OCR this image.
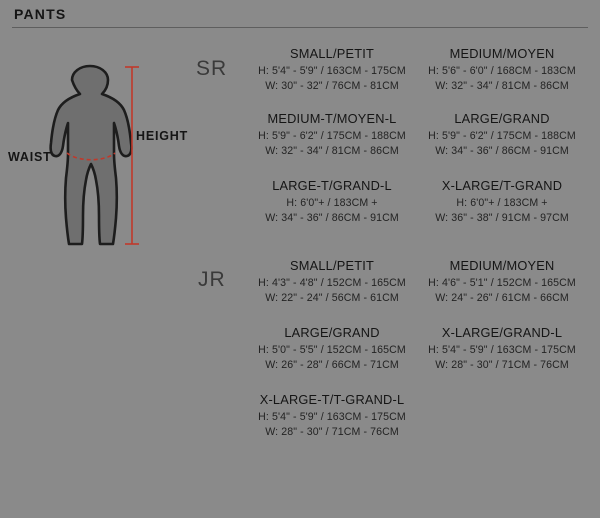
PANTS
WAIST
HEIGHT
SR
JR
SMALL/PETIT
H: 5'4" - 5'9" / 163CM - 175CM
W: 30" - 32" / 76CM - 81CM
MEDIUM/MOYEN
H: 5'6" - 6'0" / 168CM - 183CM
W: 32" - 34" / 81CM - 86CM
MEDIUM-T/MOYEN-L
H: 5'9" - 6'2" / 175CM - 188CM
W: 32" - 34" / 81CM - 86CM
LARGE/GRAND
H: 5'9" - 6'2" / 175CM - 188CM
W: 34" - 36" / 86CM - 91CM
LARGE-T/GRAND-L
H: 6'0"+ / 183CM +
W: 34" - 36" / 86CM - 91CM
X-LARGE/T-GRAND
H: 6'0"+ / 183CM +
W: 36" - 38" / 91CM - 97CM
SMALL/PETIT
H: 4'3" - 4'8" / 152CM - 165CM
W: 22" - 24" / 56CM - 61CM
MEDIUM/MOYEN
H: 4'6" - 5'1" / 152CM - 165CM
W: 24" - 26" / 61CM - 66CM
LARGE/GRAND
H: 5'0" - 5'5" / 152CM - 165CM
W: 26" - 28" / 66CM - 71CM
X-LARGE/GRAND-L
H: 5'4" - 5'9" / 163CM - 175CM
W: 28" - 30" / 71CM - 76CM
X-LARGE-T/T-GRAND-L
H: 5'4" - 5'9" / 163CM - 175CM
W: 28" - 30" / 71CM - 76CM
